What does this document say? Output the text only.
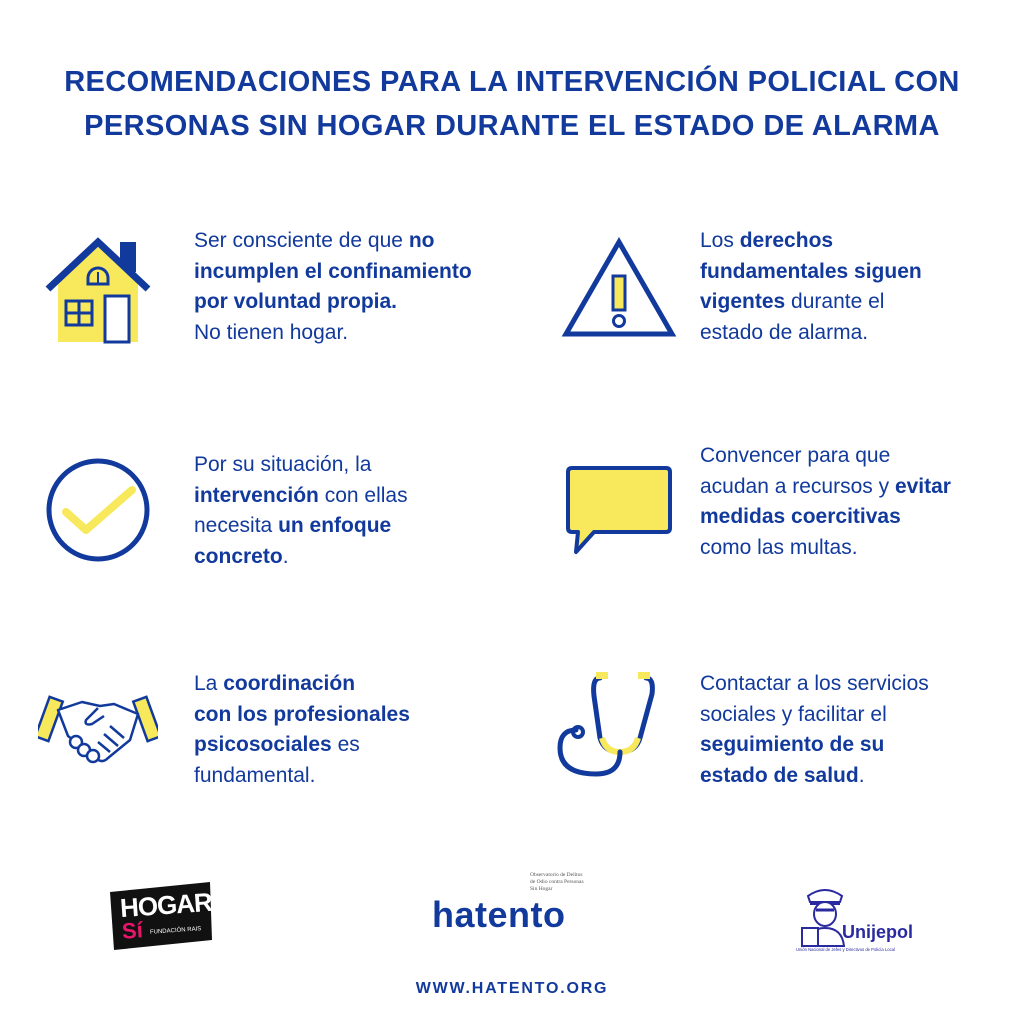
RECOMENDACIONES PARA LA INTERVENCIÓN POLICIAL CON
PERSONAS SIN HOGAR DURANTE EL ESTADO DE ALARMA
Ser consciente de que no
incumplen el confinamiento
por voluntad propia.
No tienen hogar.
Los derechos
fundamentales siguen
vigentes durante el
estado de alarma.
Por su situación, la
intervención con ellas
necesita un enfoque
concreto.
Convencer para que
acudan a recursos y evitar
medidas coercitivas
como las multas.
La coordinación
con los profesionales
psicosociales es
fundamental.
Contactar a los servicios
sociales y facilitar el
seguimiento de su
estado de salud.
HOGAR
Sí FUNDACIÓN RAIS
Observatorio de Delitos
de Odio contra Personas
Sin Hogar
hatento	Unijepol
Unión Nacional de Jefes y Directivos de Policía Local
WWW.HATENTO.ORG
